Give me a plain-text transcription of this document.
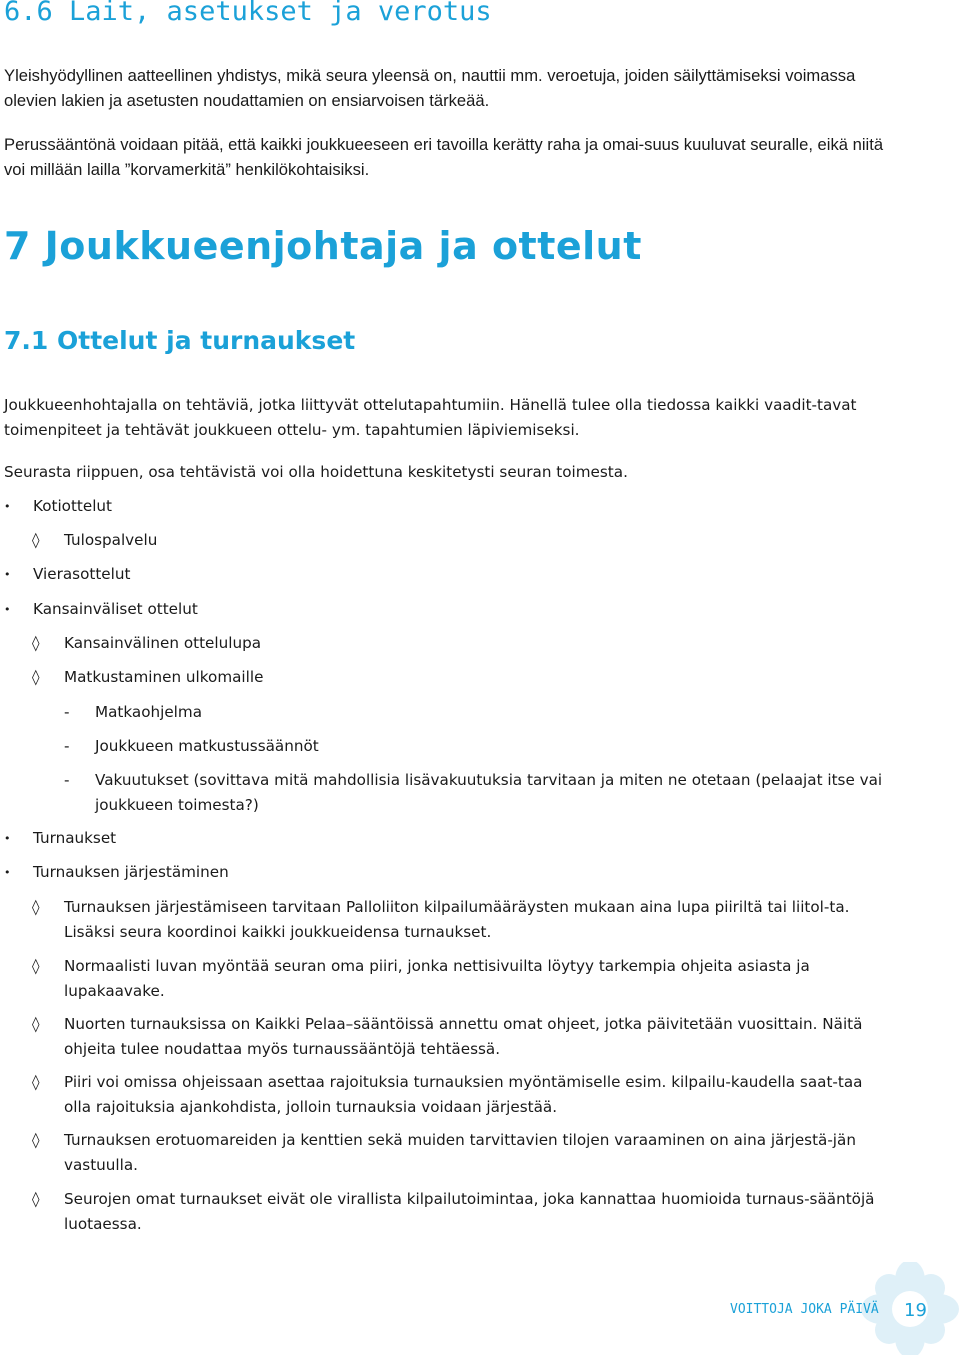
6.6 Lait, asetukset ja verotus

Yleishyödyllinen aatteellinen yhdistys, mikä seura yleensä on, nauttii mm. veroetuja, joiden säilyttämiseksi voimassa olevien lakien ja asetusten noudattamien on ensiarvoisen tärkeää.

Perussääntönä voidaan pitää, että kaikki joukkueeseen eri tavoilla kerätty raha ja omai-suus kuuluvat seuralle, eikä niitä voi millään lailla ”korvamerkitä” henkilökohtaisiksi.

7 Joukkueenjohtaja ja ottelut
7.1 Ottelut ja turnaukset

Joukkueenhohtajalla on tehtäviä, jotka liittyvät ottelutapahtumiin. Hänellä tulee olla tiedossa kaikki vaadit-tavat toimenpiteet ja tehtävät joukkueen ottelu- ym. tapahtumien läpiviemiseksi.

Seurasta riippuen, osa tehtävistä voi olla hoidettuna keskitetysti seuran toimesta.

• Kotiottelut
◊ Tulospalvelu
• Vierasottelut
• Kansainväliset ottelut
◊ Kansainvälinen ottelulupa
◊ Matkustaminen ulkomaille
- Matkaohjelma
- Joukkueen matkustussäännöt
- Vakuutukset (sovittava mitä mahdollisia lisävakuutuksia tarvitaan ja miten ne otetaan (pelaajat itse vai joukkueen toimesta?)
• Turnaukset
• Turnauksen järjestäminen
◊ Turnauksen järjestämiseen tarvitaan Palloliiton kilpailumääräysten mukaan aina lupa piiriltä tai liitol-ta. Lisäksi seura koordinoi kaikki joukkueidensa turnaukset.
◊ Normaalisti luvan myöntää seuran oma piiri, jonka nettisivuilta löytyy tarkempia ohjeita asiasta ja lupakaavake.
◊ Nuorten turnauksissa on Kaikki Pelaa–sääntöissä annettu omat ohjeet, jotka päivitetään vuosittain. Näitä ohjeita tulee noudattaa myös turnaussääntöjä tehtäessä.
◊ Piiri voi omissa ohjeissaan asettaa rajoituksia turnauksien myöntämiselle esim. kilpailu-kaudella saat-taa olla rajoituksia ajankohdista, jolloin turnauksia voidaan järjestää.
◊ Turnauksen erotuomareiden ja kenttien sekä muiden tarvittavien tilojen varaaminen on aina järjestä-jän vastuulla.
◊ Seurojen omat turnaukset eivät ole virallista kilpailutoimintaa, joka kannattaa huomioida turnaus-sääntöjä luotaessa.
VOITTOJA JOKA PÄIVÄ 19
